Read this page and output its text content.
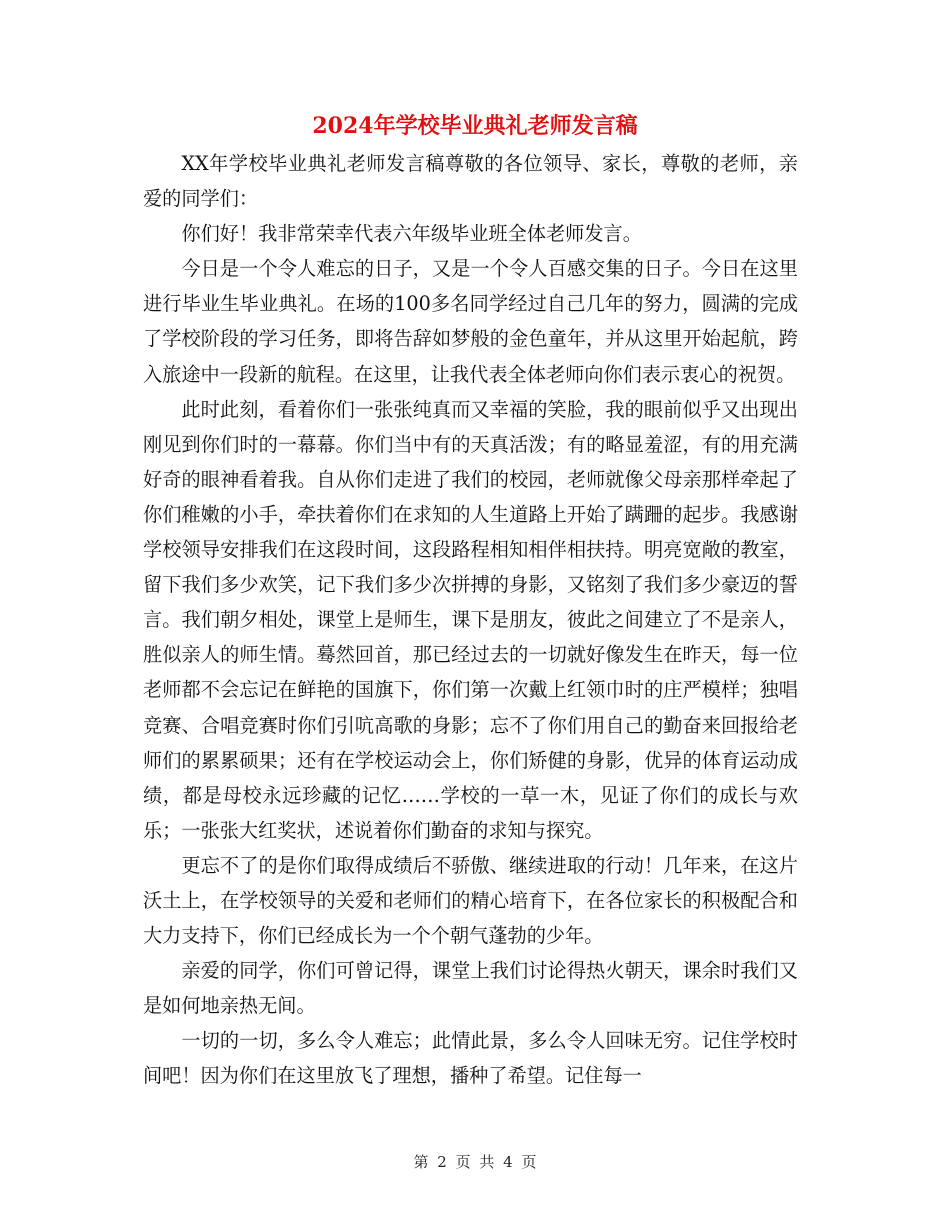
2024年学校毕业典礼老师发言稿

XX年学校毕业典礼老师发言稿尊敬的各位领导、家长，尊敬的老师，亲爱的同学们：

你们好！我非常荣幸代表六年级毕业班全体老师发言。

今日是一个令人难忘的日子，又是一个令人百感交集的日子。今日在这里进行毕业生毕业典礼。在场的100多名同学经过自己几年的努力，圆满的完成了学校阶段的学习任务，即将告辞如梦般的金色童年，并从这里开始起航，跨入旅途中一段新的航程。在这里，让我代表全体老师向你们表示衷心的祝贺。

此时此刻，看着你们一张张纯真而又幸福的笑脸，我的眼前似乎又出现出刚见到你们时的一幕幕。你们当中有的天真活泼；有的略显羞涩，有的用充满好奇的眼神看着我。自从你们走进了我们的校园，老师就像父母亲那样牵起了你们稚嫩的小手，牵扶着你们在求知的人生道路上开始了蹒跚的起步。我感谢学校领导安排我们在这段时间，这段路程相知相伴相扶持。明亮宽敞的教室，留下我们多少欢笑，记下我们多少次拼搏的身影，又铭刻了我们多少豪迈的誓言。我们朝夕相处，课堂上是师生，课下是朋友，彼此之间建立了不是亲人，胜似亲人的师生情。蓦然回首，那已经过去的一切就好像发生在昨天，每一位老师都不会忘记在鲜艳的国旗下，你们第一次戴上红领巾时的庄严模样；独唱竞赛、合唱竞赛时你们引吭高歌的身影；忘不了你们用自己的勤奋来回报给老师们的累累硕果；还有在学校运动会上，你们矫健的身影，优异的体育运动成绩，都是母校永远珍藏的记忆……学校的一草一木，见证了你们的成长与欢乐；一张张大红奖状，述说着你们勤奋的求知与探究。

更忘不了的是你们取得成绩后不骄傲、继续进取的行动！几年来，在这片沃土上，在学校领导的关爱和老师们的精心培育下，在各位家长的积极配合和大力支持下，你们已经成长为一个个朝气蓬勃的少年。

亲爱的同学，你们可曾记得，课堂上我们讨论得热火朝天，课余时我们又是如何地亲热无间。

一切的一切，多么令人难忘；此情此景，多么令人回味无穷。记住学校时间吧！因为你们在这里放飞了理想，播种了希望。记住每一

第 2 页 共 4 页
